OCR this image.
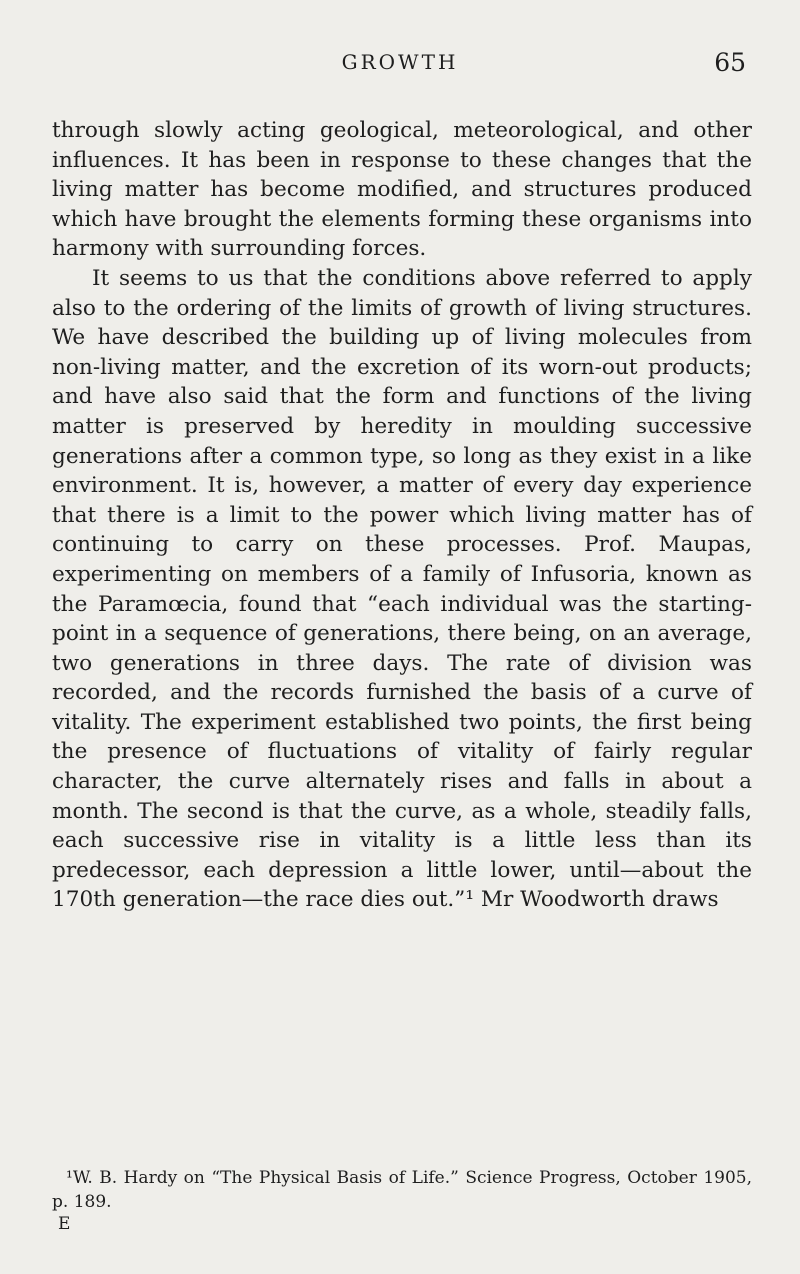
GROWTH	65

through slowly acting geological, meteorological, and other influences. It has been in response to these changes that the living matter has become modified, and structures produced which have brought the elements forming these organisms into harmony with surrounding forces.

It seems to us that the conditions above referred to apply also to the ordering of the limits of growth of living structures. We have described the building up of living molecules from non-living matter, and the excretion of its worn-out products; and have also said that the form and functions of the living matter is preserved by heredity in moulding successive generations after a common type, so long as they exist in a like environment. It is, however, a matter of every day experience that there is a limit to the power which living matter has of continuing to carry on these processes. Prof. Maupas, experimenting on members of a family of Infusoria, known as the Paramœcia, found that “each individual was the starting-point in a sequence of generations, there being, on an average, two generations in three days. The rate of division was recorded, and the records furnished the basis of a curve of vitality. The experiment established two points, the first being the presence of fluctuations of vitality of fairly regular character, the curve alternately rises and falls in about a month. The second is that the curve, as a whole, steadily falls, each successive rise in vitality is a little less than its predecessor, each depression a little lower, until—about the 170th generation—the race dies out.”¹ Mr Woodworth draws

¹W. B. Hardy on “The Physical Basis of Life.” Science Progress, October 1905, p. 189.
E
